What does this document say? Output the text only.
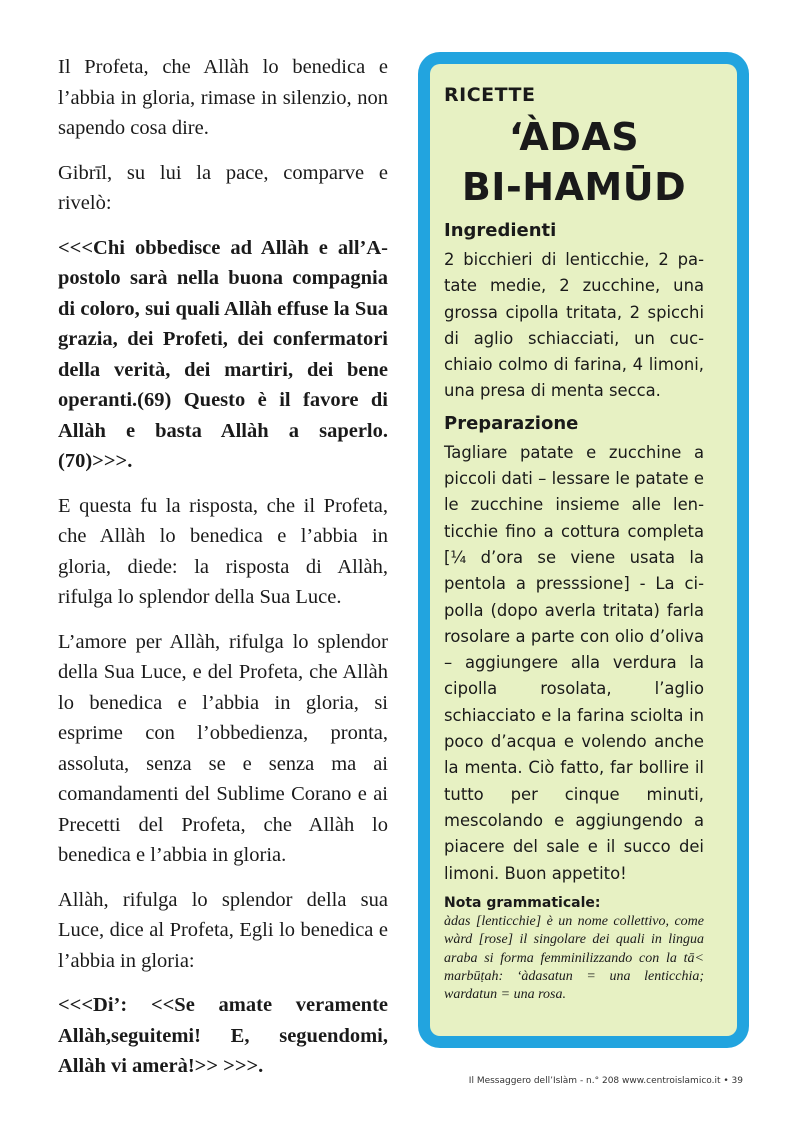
Il Profeta, che Allàh lo benedica e l’abbia in gloria, rimase in silenzio, non sapendo cosa dire.

Gibrīl, su lui la pace, comparve e rivelò:

<<<Chi obbedisce ad Allàh e all’Apostolo sarà nella buona compagnia di coloro, sui quali Allàh effuse la Sua grazia, dei Profeti, dei confermatori della verità, dei martiri, dei bene operanti.(69) Questo è il favore di Allàh e basta Allàh a saperlo. (70)>>>.

E questa fu la risposta, che il Profeta, che Allàh lo benedica e l’abbia in gloria, diede: la risposta di Allàh, rifulga lo splendor della Sua Luce.

L’amore per Allàh, rifulga lo splendor della Sua Luce, e del Profeta, che Allàh lo benedica e l’abbia in gloria, si esprime con l’obbedienza, pronta, assoluta, senza se e senza ma ai comandamenti del Sublime Corano e ai Precetti del Profeta, che Allàh lo benedica e l’abbia in gloria.

Allàh, rifulga lo splendor della sua Luce, dice al Profeta, Egli lo benedica e l’abbia in gloria:

<<<Di’: <<Se amate veramente Allàh,seguitemi! E, seguendomi, Allàh vi amerà!>> >>>.

RICETTE
‘ÀDAS
BI-HAMŪD
Ingredienti

2 bicchieri di lenticchie, 2 patate medie, 2 zucchine, una grossa cipolla tritata, 2 spicchi di aglio schiacciati, un cucchiaio colmo di farina, 4 limoni, una presa di menta secca.

Preparazione

Tagliare patate e zucchine a piccoli dati – lessare le patate e le zucchine insieme alle lenticchie fino a cottura completa [¼ d’ora se viene usata la pentola a presssione] - La cipolla (dopo averla tritata) farla rosolare a parte con olio d’oliva – aggiungere alla verdura la cipolla rosolata, l’aglio schiacciato e la farina sciolta in poco d’acqua e volendo anche la menta. Ciò fatto, far bollire il tutto per cinque minuti, mescolando e aggiungendo a piacere del sale e il succo dei limoni. Buon appetito!

Nota grammaticale:

àdas [lenticchie] è un nome collettivo, come wàrd [rose] il singolare dei quali in lingua araba si forma femminilizzando con la tā< marbūṭah: ‘àdasatun = una lenticchia; wardatun = una rosa.

Il Messaggero dell’Islàm - n.° 208 www.centroislamico.it • 39
